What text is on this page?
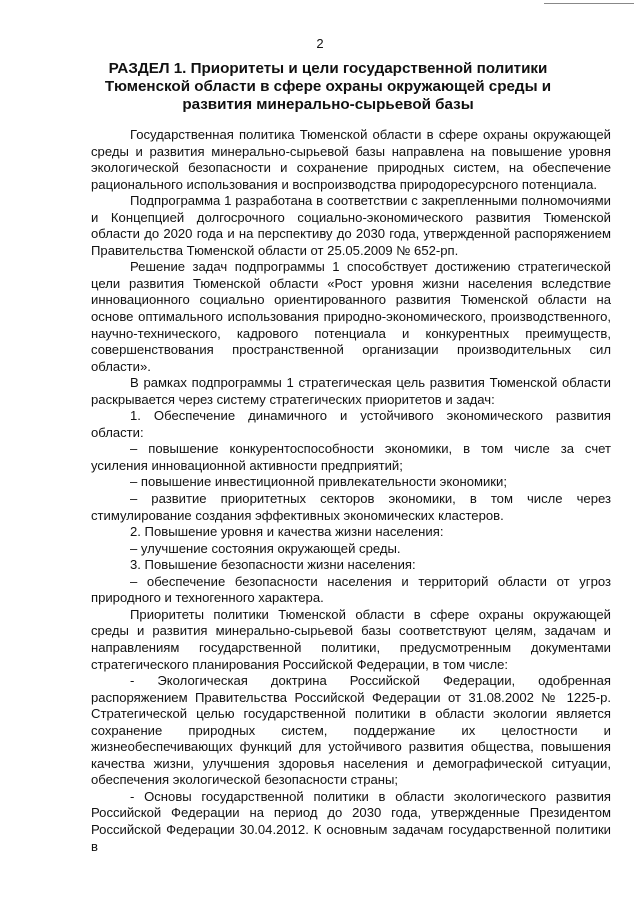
2
РАЗДЕЛ 1. Приоритеты и цели государственной политики Тюменской области в сфере охраны окружающей среды и развития минерально-сырьевой базы

Государственная политика Тюменской области в сфере охраны окружающей среды и развития минерально-сырьевой базы направлена на повышение уровня экологической безопасности и сохранение природных систем, на обеспечение рационального использования и воспроизводства природоресурсного потенциала.

Подпрограмма 1 разработана в соответствии с закрепленными полномочиями и Концепцией долгосрочного социально-экономического развития Тюменской области до 2020 года и на перспективу до 2030 года, утвержденной распоряжением Правительства Тюменской области от 25.05.2009 № 652-рп.

Решение задач подпрограммы 1 способствует достижению стратегической цели развития Тюменской области «Рост уровня жизни населения вследствие инновационного социально ориентированного развития Тюменской области на основе оптимального использования природно-экономического, производственного, научно-технического, кадрового потенциала и конкурентных преимуществ, совершенствования пространственной организации производительных сил области».

В рамках подпрограммы 1 стратегическая цель развития Тюменской области раскрывается через систему стратегических приоритетов и задач:

1. Обеспечение динамичного и устойчивого экономического развития области:

– повышение конкурентоспособности экономики, в том числе за счет усиления инновационной активности предприятий;

– повышение инвестиционной привлекательности экономики;

– развитие приоритетных секторов экономики, в том числе через стимулирование создания эффективных экономических кластеров.

2. Повышение уровня и качества жизни населения:

– улучшение состояния окружающей среды.

3. Повышение безопасности жизни населения:

– обеспечение безопасности населения и территорий области от угроз природного и техногенного характера.

Приоритеты политики Тюменской области в сфере охраны окружающей среды и развития минерально-сырьевой базы соответствуют целям, задачам и направлениям государственной политики, предусмотренным документами стратегического планирования Российской Федерации, в том числе:

- Экологическая доктрина Российской Федерации, одобренная распоряжением Правительства Российской Федерации от 31.08.2002 № 1225-р. Стратегической целью государственной политики в области экологии является сохранение природных систем, поддержание их целостности и жизнеобеспечивающих функций для устойчивого развития общества, повышения качества жизни, улучшения здоровья населения и демографической ситуации, обеспечения экологической безопасности страны;

- Основы государственной политики в области экологического развития Российской Федерации на период до 2030 года, утвержденные Президентом Российской Федерации 30.04.2012. К основным задачам государственной политики в
